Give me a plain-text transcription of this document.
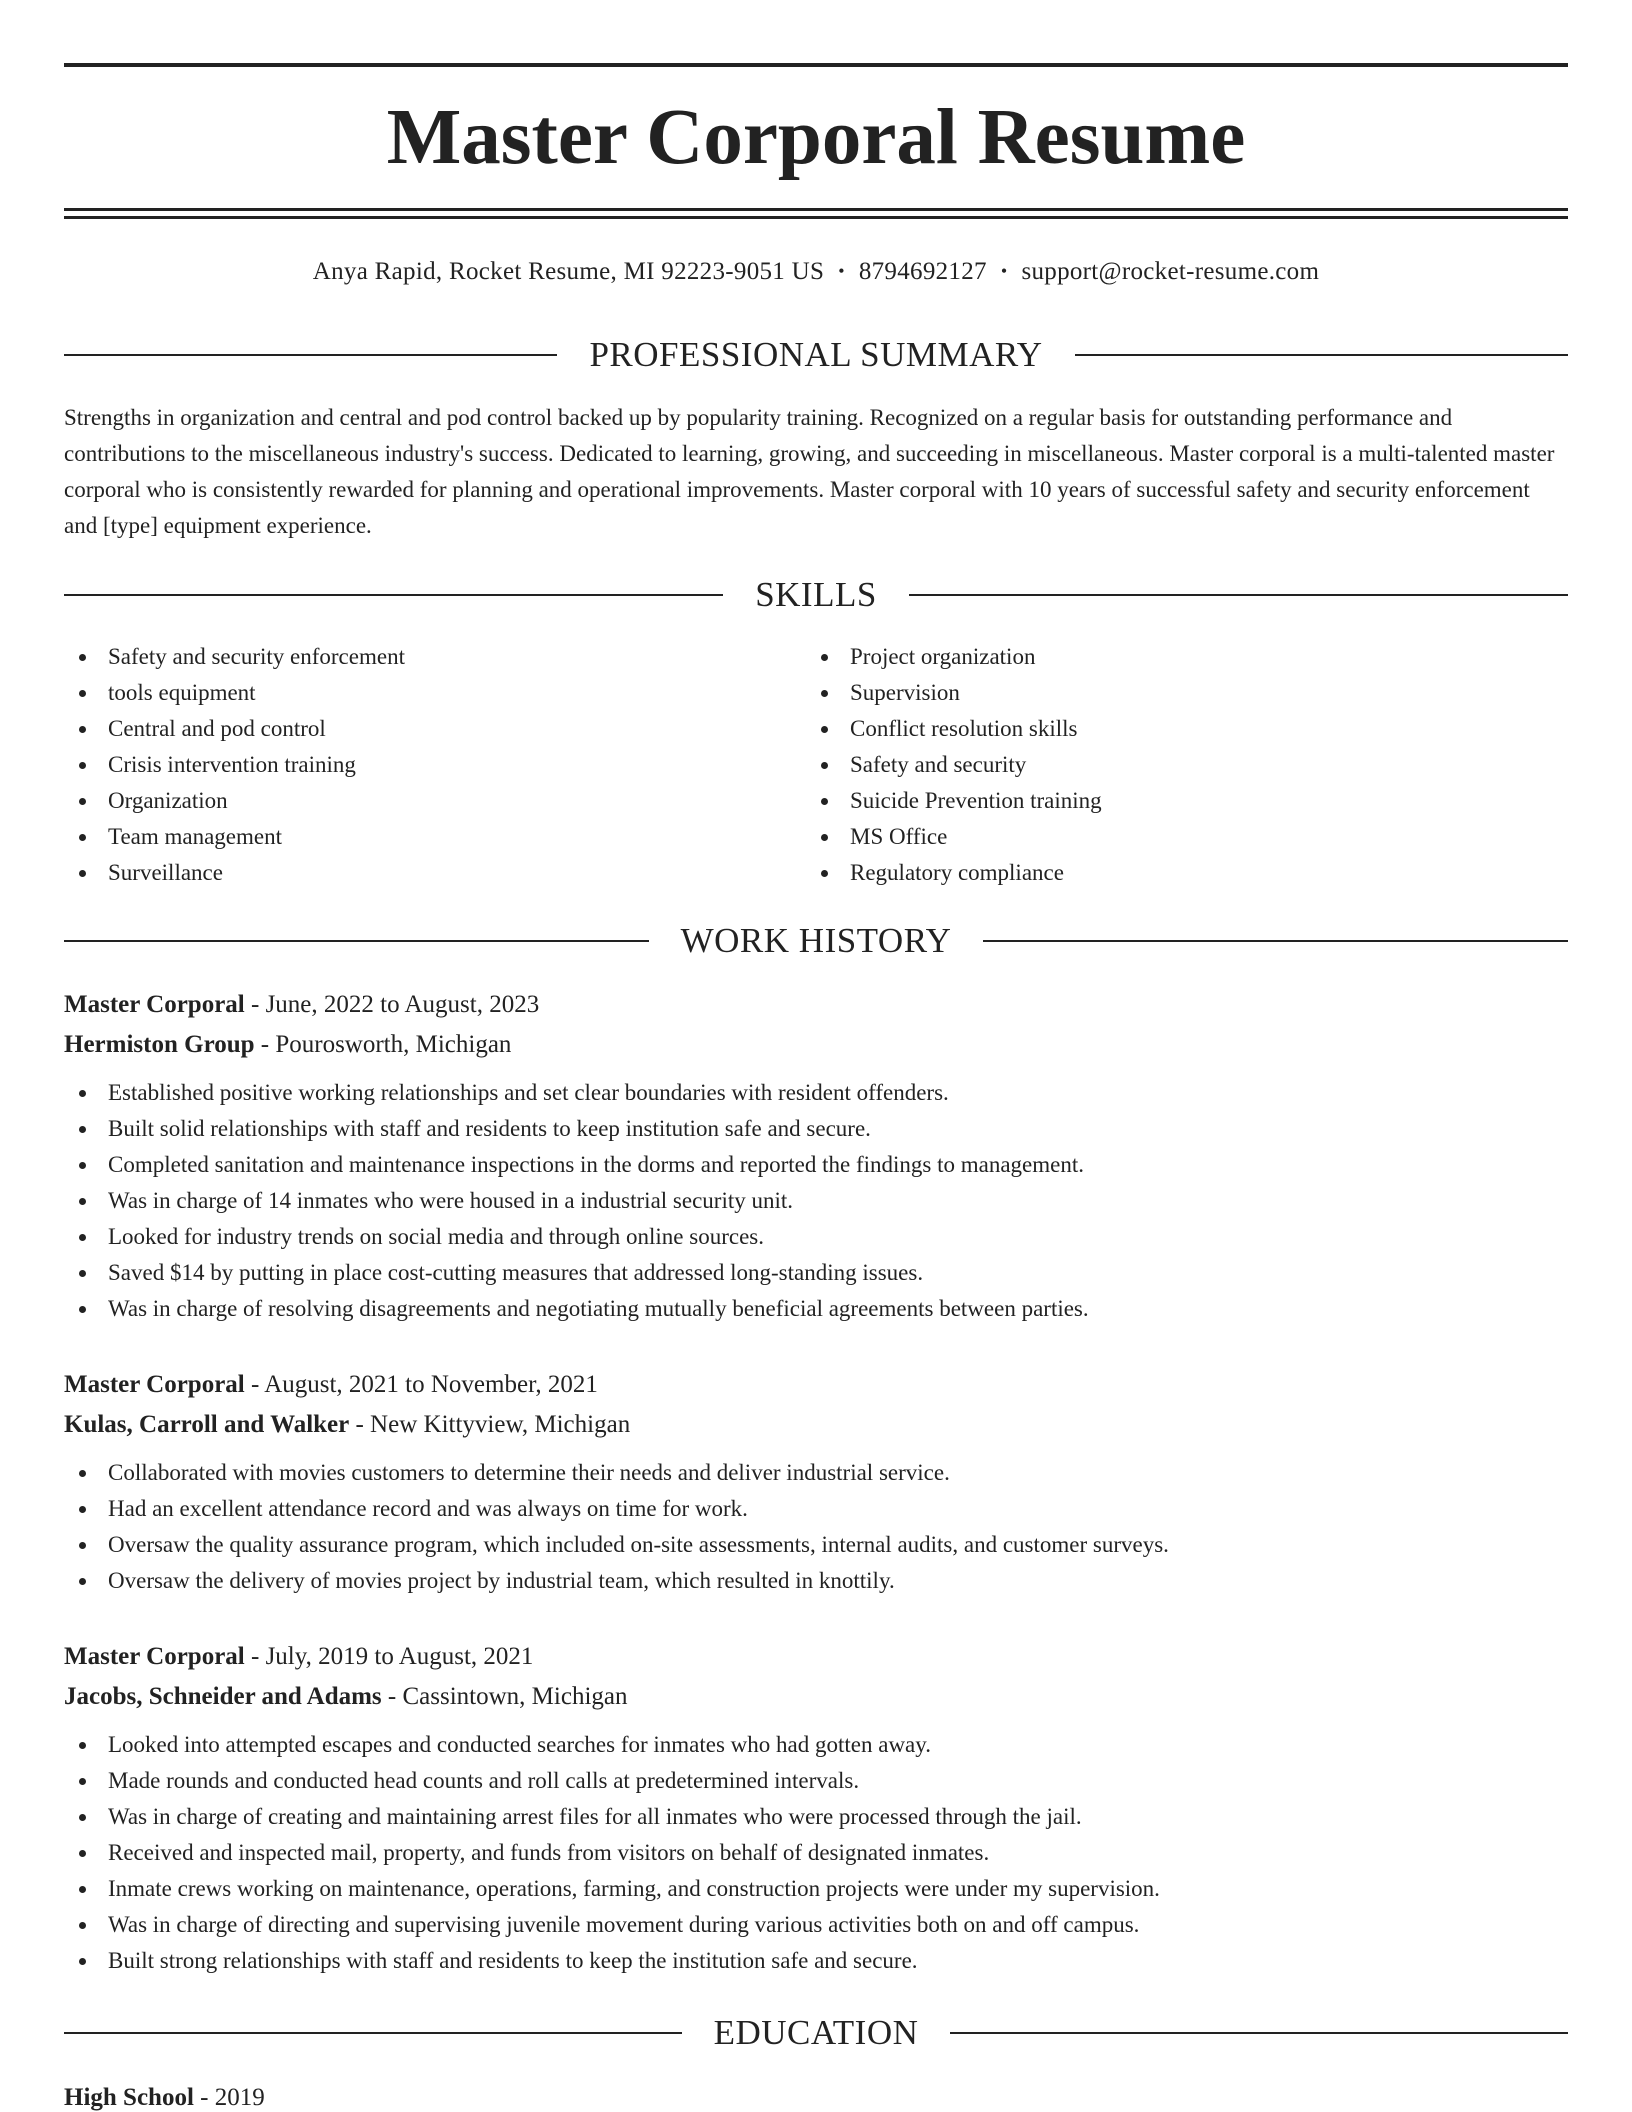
Master Corporal Resume
Anya Rapid, Rocket Resume, MI 92223-9051 US • 8794692127 • support@rocket-resume.com
PROFESSIONAL SUMMARY

Strengths in organization and central and pod control backed up by popularity training. Recognized on a regular basis for outstanding performance and contributions to the miscellaneous industry's success. Dedicated to learning, growing, and succeeding in miscellaneous. Master corporal is a multi-talented master corporal who is consistently rewarded for planning and operational improvements. Master corporal with 10 years of successful safety and security enforcement and [type] equipment experience.

SKILLS
Safety and security enforcement
tools equipment
Central and pod control
Crisis intervention training
Organization
Team management
Surveillance
Project organization
Supervision
Conflict resolution skills
Safety and security
Suicide Prevention training
MS Office
Regulatory compliance
WORK HISTORY
Master Corporal - June, 2022 to August, 2023
Hermiston Group - Pourosworth, Michigan
Established positive working relationships and set clear boundaries with resident offenders.
Built solid relationships with staff and residents to keep institution safe and secure.
Completed sanitation and maintenance inspections in the dorms and reported the findings to management.
Was in charge of 14 inmates who were housed in a industrial security unit.
Looked for industry trends on social media and through online sources.
Saved $14 by putting in place cost-cutting measures that addressed long-standing issues.
Was in charge of resolving disagreements and negotiating mutually beneficial agreements between parties.
Master Corporal - August, 2021 to November, 2021
Kulas, Carroll and Walker - New Kittyview, Michigan
Collaborated with movies customers to determine their needs and deliver industrial service.
Had an excellent attendance record and was always on time for work.
Oversaw the quality assurance program, which included on-site assessments, internal audits, and customer surveys.
Oversaw the delivery of movies project by industrial team, which resulted in knottily.
Master Corporal - July, 2019 to August, 2021
Jacobs, Schneider and Adams - Cassintown, Michigan
Looked into attempted escapes and conducted searches for inmates who had gotten away.
Made rounds and conducted head counts and roll calls at predetermined intervals.
Was in charge of creating and maintaining arrest files for all inmates who were processed through the jail.
Received and inspected mail, property, and funds from visitors on behalf of designated inmates.
Inmate crews working on maintenance, operations, farming, and construction projects were under my supervision.
Was in charge of directing and supervising juvenile movement during various activities both on and off campus.
Built strong relationships with staff and residents to keep the institution safe and secure.
EDUCATION
High School - 2019
